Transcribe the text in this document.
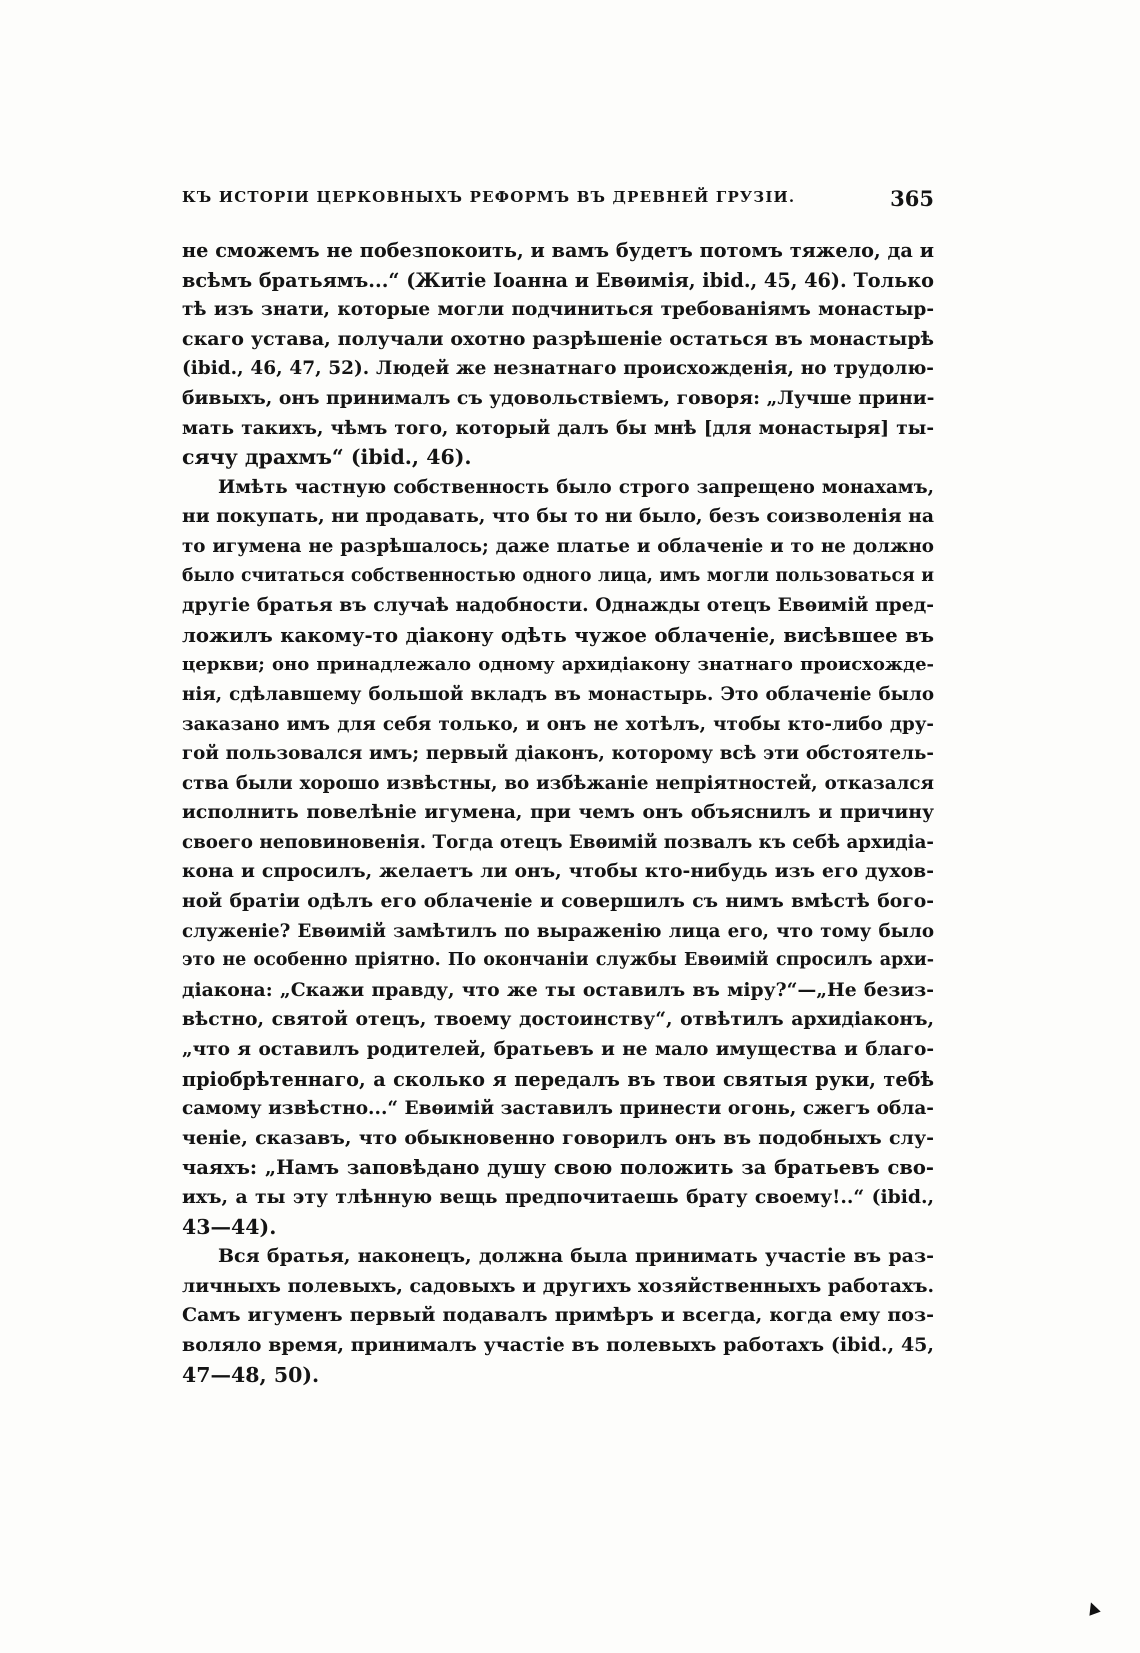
КЪ ИСТОРІИ ЦЕРКОВНЫХЪ РЕФОРМЪ ВЪ ДРЕВНЕЙ ГРУЗІИ.	365
не сможемъ не побезпокоить, и вамъ будетъ потомъ тяжело, да и
всѣмъ братьямъ...“ (Житіе Іоанна и Евѳимія, ibid., 45, 46). Только
тѣ изъ знати, которые могли подчиниться требованіямъ монастыр-
скаго устава, получали охотно разрѣшеніе остаться въ монастырѣ
(ibid., 46, 47, 52). Людей же незнатнаго происхожденія, но трудолю-
бивыхъ, онъ принималъ съ удовольствіемъ, говоря: „Лучше прини-
мать такихъ, чѣмъ того, который далъ бы мнѣ [для монастыря] ты-
сячу драхмъ“ (ibid., 46).
Имѣть частную собственность было строго запрещено монахамъ,
ни покупать, ни продавать, что бы то ни было, безъ соизволенія на
то игумена не разрѣшалось; даже платье и облаченіе и то не должно
было считаться собственностью одного лица, имъ могли пользоваться и
другіе братья въ случаѣ надобности. Однажды отецъ Евѳимій пред-
ложилъ какому-то діакону одѣть чужое облаченіе, висѣвшее въ
церкви; оно принадлежало одному архидіакону знатнаго происхожде-
нія, сдѣлавшему большой вкладъ въ монастырь. Это облаченіе было
заказано имъ для себя только, и онъ не хотѣлъ, чтобы кто-либо дру-
гой пользовался имъ; первый діаконъ, которому всѣ эти обстоятель-
ства были хорошо извѣстны, во избѣжаніе непріятностей, отказался
исполнить повелѣніе игумена, при чемъ онъ объяснилъ и причину
своего неповиновенія. Тогда отецъ Евѳимій позвалъ къ себѣ архидіа-
кона и спросилъ, желаетъ ли онъ, чтобы кто-нибудь изъ его духов-
ной братіи одѣлъ его облаченіе и совершилъ съ нимъ вмѣстѣ бого-
служеніе? Евѳимій замѣтилъ по выраженію лица его, что тому было
это не особенно пріятно. По окончаніи службы Евѳимій спросилъ архи-
діакона: „Скажи правду, что же ты оставилъ въ міру?“—„Не безиз-
вѣстно, святой отецъ, твоему достоинству“, отвѣтилъ архидіаконъ,
„что я оставилъ родителей, братьевъ и не мало имущества и благо-
пріобрѣтеннаго, а сколько я передалъ въ твои святыя руки, тебѣ
самому извѣстно...“ Евѳимій заставилъ принести огонь, сжегъ обла-
ченіе, сказавъ, что обыкновенно говорилъ онъ въ подобныхъ слу-
чаяхъ: „Намъ заповѣдано душу свою положить за братьевъ сво-
ихъ, а ты эту тлѣнную вещь предпочитаешь брату своему!..“ (ibid.,
43—44).
Вся братья, наконецъ, должна была принимать участіе въ раз-
личныхъ полевыхъ, садовыхъ и другихъ хозяйственныхъ работахъ.
Самъ игуменъ первый подавалъ примѣръ и всегда, когда ему поз-
воляло время, принималъ участіе въ полевыхъ работахъ (ibid., 45,
47—48, 50).
